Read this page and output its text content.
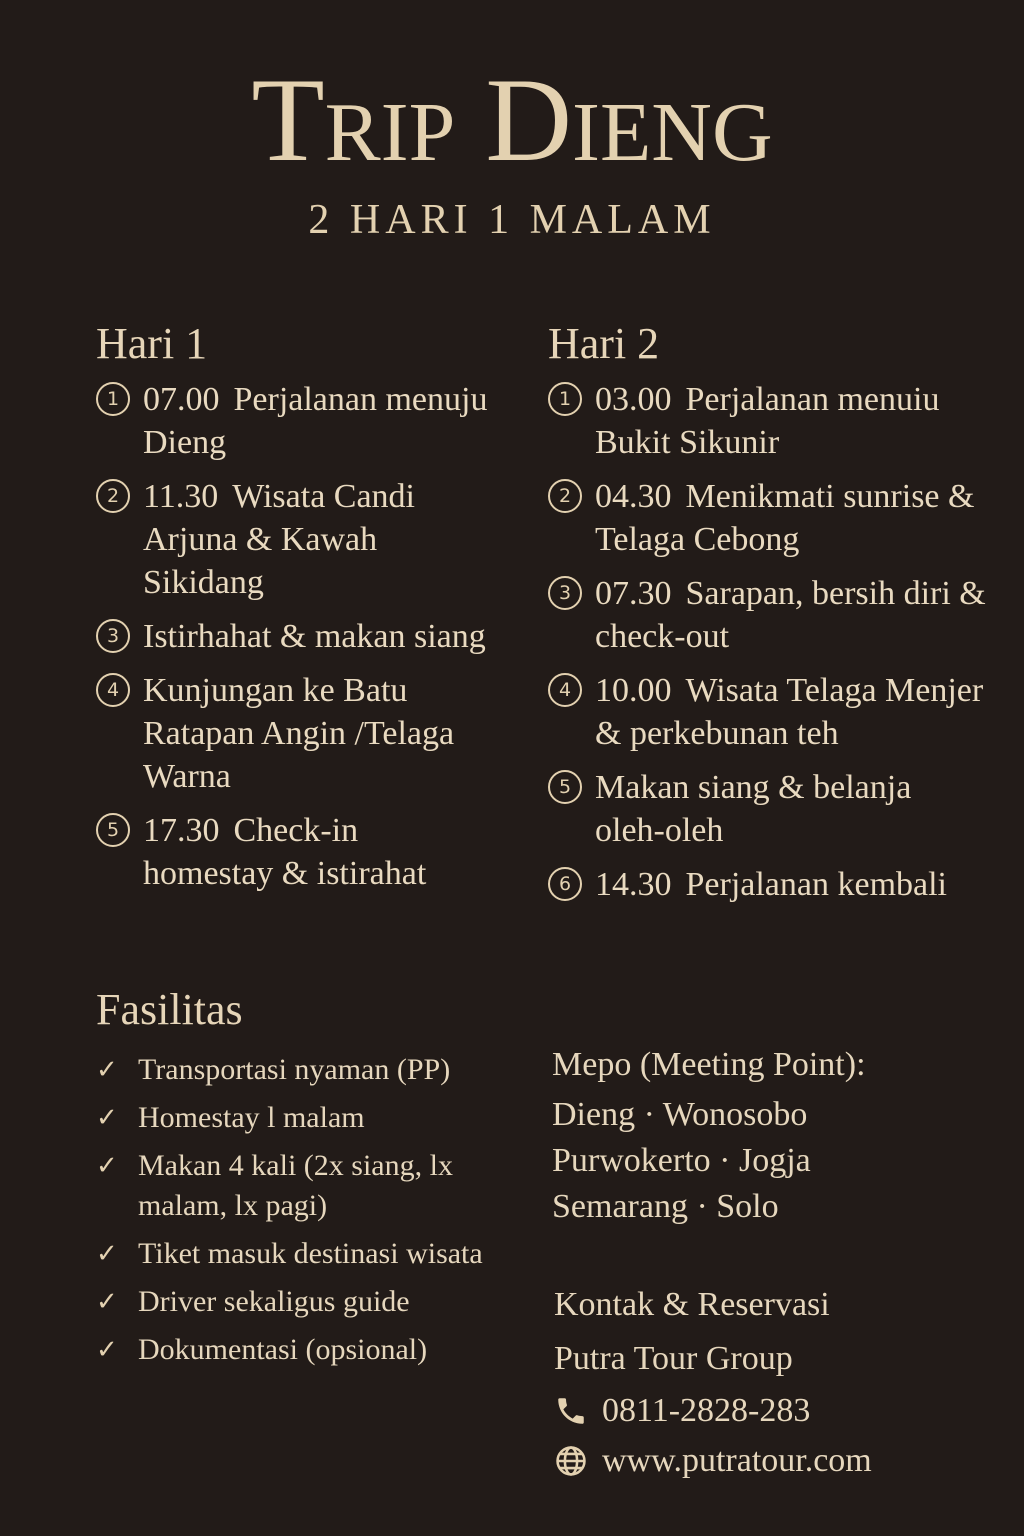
Trip Dieng
2 HARI 1 MALAM
Hari 1
1 07.00 Perjalanan menuju Dieng
2 11.30 Wisata Candi Arjuna & Kawah Sikidang
3 Istirhahat & makan siang
4 Kunjungan ke Batu Ratapan Angin /Telaga Warna
5 17.30 Check-in homestay & istirahat
Hari 2
1 03.00 Perjalanan menuiu Bukit Sikunir
2 04.30 Menikmati sunrise & Telaga Cebong
3 07.30 Sarapan, bersih diri & check-out
4 10.00 Wisata Telaga Menjer & perkebunan teh
5 Makan siang & belanja oleh-oleh
6 14.30 Perjalanan kembali
Fasilitas
✓ Transportasi nyaman (PP)
✓ Homestay l malam
✓ Makan 4 kali (2x siang, lx malam, lx pagi)
✓ Tiket masuk destinasi wisata
✓ Driver sekaligus guide
✓ Dokumentasi (opsional)
Mepo (Meeting Point):
Dieng · Wonosobo
Purwokerto · Jogja
Semarang · Solo
Kontak & Reservasi
Putra Tour Group
0811-2828-283
www.putratour.com
